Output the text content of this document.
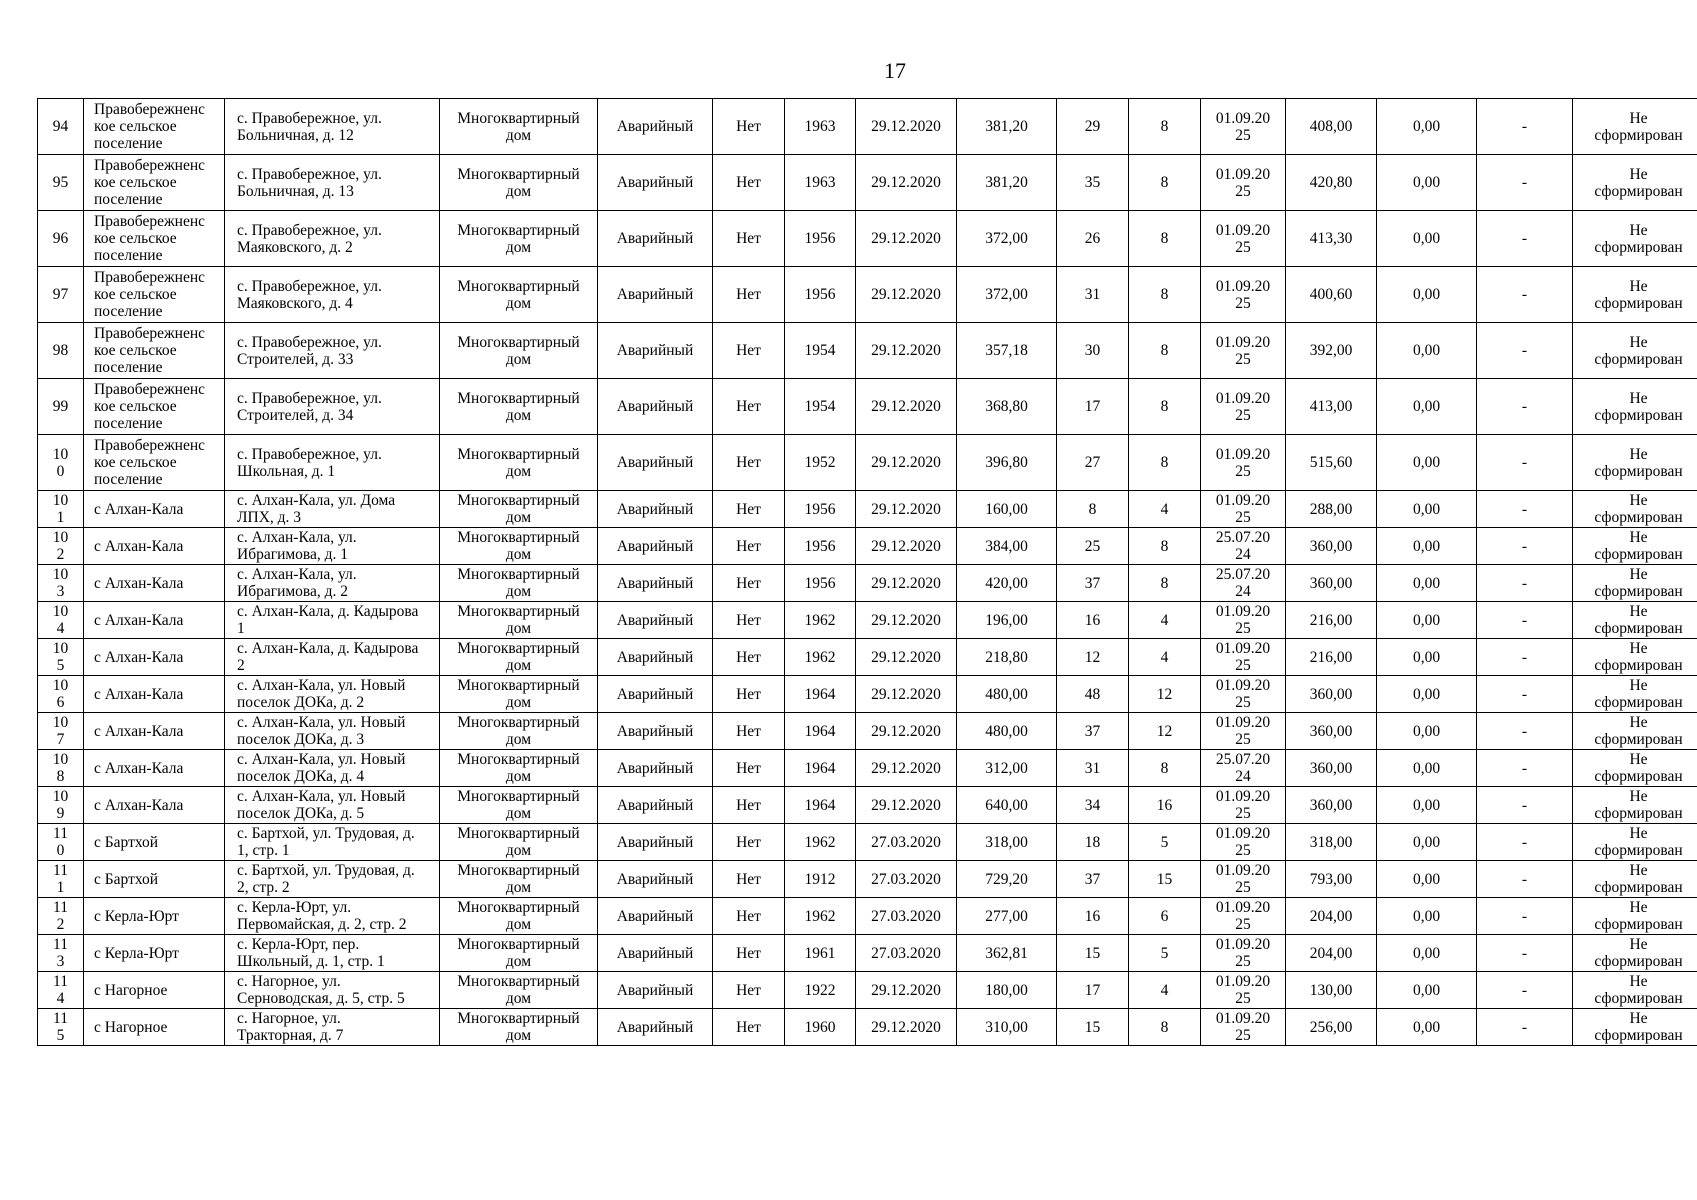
17
94	Правобережненс
кое сельское
поселение	с. Правобережное, ул.
Больничная, д. 12	Многоквартирный
дом	Аварийный	Нет	1963	29.12.2020	381,20	29	8	01.09.20
25	408,00	0,00	-	Не
сформирован
95	Правобережненс
кое сельское
поселение	с. Правобережное, ул.
Больничная, д. 13	Многоквартирный
дом	Аварийный	Нет	1963	29.12.2020	381,20	35	8	01.09.20
25	420,80	0,00	-	Не
сформирован
96	Правобережненс
кое сельское
поселение	с. Правобережное, ул.
Маяковского, д. 2	Многоквартирный
дом	Аварийный	Нет	1956	29.12.2020	372,00	26	8	01.09.20
25	413,30	0,00	-	Не
сформирован
97	Правобережненс
кое сельское
поселение	с. Правобережное, ул.
Маяковского, д. 4	Многоквартирный
дом	Аварийный	Нет	1956	29.12.2020	372,00	31	8	01.09.20
25	400,60	0,00	-	Не
сформирован
98	Правобережненс
кое сельское
поселение	с. Правобережное, ул.
Строителей, д. 33	Многоквартирный
дом	Аварийный	Нет	1954	29.12.2020	357,18	30	8	01.09.20
25	392,00	0,00	-	Не
сформирован
99	Правобережненс
кое сельское
поселение	с. Правобережное, ул.
Строителей, д. 34	Многоквартирный
дом	Аварийный	Нет	1954	29.12.2020	368,80	17	8	01.09.20
25	413,00	0,00	-	Не
сформирован
10
0	Правобережненс
кое сельское
поселение	с. Правобережное, ул.
Школьная, д. 1	Многоквартирный
дом	Аварийный	Нет	1952	29.12.2020	396,80	27	8	01.09.20
25	515,60	0,00	-	Не
сформирован
10
1	с Алхан-Кала	с. Алхан-Кала, ул. Дома
ЛПХ, д. 3	Многоквартирный
дом	Аварийный	Нет	1956	29.12.2020	160,00	8	4	01.09.20
25	288,00	0,00	-	Не
сформирован
10
2	с Алхан-Кала	с. Алхан-Кала, ул.
Ибрагимова, д. 1	Многоквартирный
дом	Аварийный	Нет	1956	29.12.2020	384,00	25	8	25.07.20
24	360,00	0,00	-	Не
сформирован
10
3	с Алхан-Кала	с. Алхан-Кала, ул.
Ибрагимова, д. 2	Многоквартирный
дом	Аварийный	Нет	1956	29.12.2020	420,00	37	8	25.07.20
24	360,00	0,00	-	Не
сформирован
10
4	с Алхан-Кала	с. Алхан-Кала, д. Кадырова
1	Многоквартирный
дом	Аварийный	Нет	1962	29.12.2020	196,00	16	4	01.09.20
25	216,00	0,00	-	Не
сформирован
10
5	с Алхан-Кала	с. Алхан-Кала, д. Кадырова
2	Многоквартирный
дом	Аварийный	Нет	1962	29.12.2020	218,80	12	4	01.09.20
25	216,00	0,00	-	Не
сформирован
10
6	с Алхан-Кала	с. Алхан-Кала, ул. Новый
поселок ДОКа, д. 2	Многоквартирный
дом	Аварийный	Нет	1964	29.12.2020	480,00	48	12	01.09.20
25	360,00	0,00	-	Не
сформирован
10
7	с Алхан-Кала	с. Алхан-Кала, ул. Новый
поселок ДОКа, д. 3	Многоквартирный
дом	Аварийный	Нет	1964	29.12.2020	480,00	37	12	01.09.20
25	360,00	0,00	-	Не
сформирован
10
8	с Алхан-Кала	с. Алхан-Кала, ул. Новый
поселок ДОКа, д. 4	Многоквартирный
дом	Аварийный	Нет	1964	29.12.2020	312,00	31	8	25.07.20
24	360,00	0,00	-	Не
сформирован
10
9	с Алхан-Кала	с. Алхан-Кала, ул. Новый
поселок ДОКа, д. 5	Многоквартирный
дом	Аварийный	Нет	1964	29.12.2020	640,00	34	16	01.09.20
25	360,00	0,00	-	Не
сформирован
11
0	с Бартхой	с. Бартхой, ул. Трудовая, д.
1, стр. 1	Многоквартирный
дом	Аварийный	Нет	1962	27.03.2020	318,00	18	5	01.09.20
25	318,00	0,00	-	Не
сформирован
11
1	с Бартхой	с. Бартхой, ул. Трудовая, д.
2, стр. 2	Многоквартирный
дом	Аварийный	Нет	1912	27.03.2020	729,20	37	15	01.09.20
25	793,00	0,00	-	Не
сформирован
11
2	с Керла-Юрт	с. Керла-Юрт, ул.
Первомайская, д. 2, стр. 2	Многоквартирный
дом	Аварийный	Нет	1962	27.03.2020	277,00	16	6	01.09.20
25	204,00	0,00	-	Не
сформирован
11
3	с Керла-Юрт	с. Керла-Юрт, пер.
Школьный, д. 1, стр. 1	Многоквартирный
дом	Аварийный	Нет	1961	27.03.2020	362,81	15	5	01.09.20
25	204,00	0,00	-	Не
сформирован
11
4	с Нагорное	с. Нагорное, ул.
Серноводская, д. 5, стр. 5	Многоквартирный
дом	Аварийный	Нет	1922	29.12.2020	180,00	17	4	01.09.20
25	130,00	0,00	-	Не
сформирован
11
5	с Нагорное	с. Нагорное, ул.
Тракторная, д. 7	Многоквартирный
дом	Аварийный	Нет	1960	29.12.2020	310,00	15	8	01.09.20
25	256,00	0,00	-	Не
сформирован
